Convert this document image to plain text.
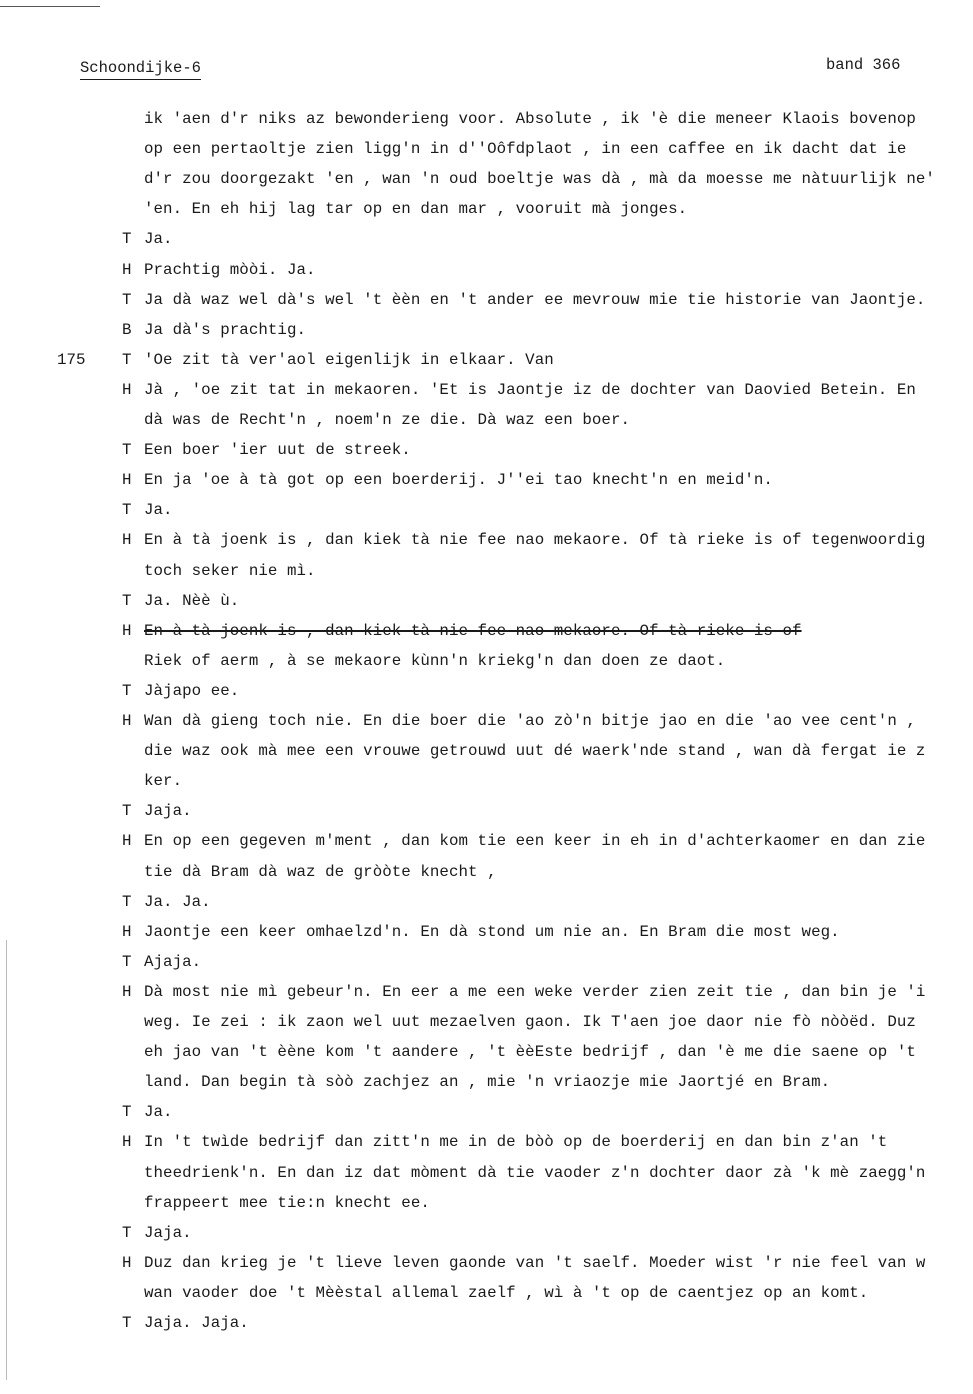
Schoondijke-6	band 366
ik 'aen d'r niks az bewonderieng voor. Absolute , ik 'è die meneer Klaois bovenop
op een pertaoltje zien ligg'n in d''Oôfdplaot , in een caffee en ik dacht dat ie
d'r zou doorgezakt 'en , wan 'n oud boeltje was dà , mà da moesse me nàtuurlijk ne'
'en. En eh hij lag tar op en dan mar , vooruit mà jonges.
T Ja.
H Prachtig mòòi. Ja.
T Ja dà waz wel dà's wel 't èèn en 't ander ee mevrouw mie tie historie van Jaontje.
B Ja dà's prachtig.
175	T 'Oe zit tà ver'aol eigenlijk in elkaar. Van
H Jà , 'oe zit tat in mekaoren. 'Et is Jaontje iz de dochter van Daovied Betein. En
dà was de Recht'n , noem'n ze die. Dà waz een boer.
T Een boer 'ier uut de streek.
H En ja 'oe à tà got op een boerderij. J''ei tao knecht'n en meid'n.
T Ja.
H En à tà joenk is , dan kiek tà nie fee nao mekaore. Of tà rieke is of tegenwoordig
toch seker nie mì.
T Ja. Nèè ù.
H En à tà joenk is , dan kiek tà nie fee nao mekaore. Of tà rieke is of
Riek of aerm , à se mekaore kùnn'n kriekg'n dan doen ze daot.
T Jàjapo ee.
H Wan dà gieng toch nie. En die boer die 'ao zò'n bitje jao en die 'ao vee cent'n ,
die waz ook mà mee een vrouwe getrouwd uut dé waerk'nde stand , wan dà fergat ie z
ker.
T Jaja.
H En op een gegeven m'ment , dan kom tie een keer in eh in d'achterkaomer en dan zie
tie dà Bram dà waz de gròòte knecht ,
T Ja. Ja.
H Jaontje een keer omhaelzd'n. En dà stond um nie an. En Bram die most weg.
T Ajaja.
H Dà most nie mì gebeur'n. En eer a me een weke verder zien zeit tie , dan bin je 'i
weg. Ie zei : ik zaon wel uut mezaelven gaon. Ik T'aen joe daor nie fò nòòëd. Duz
eh jao van 't èène kom 't aandere , 't èèEste bedrijf , dan 'è me die saene op 't
land. Dan begin tà sòò zachjez an , mie 'n vriaozje mie Jaortjé en Bram.
T Ja.
H In 't twìde bedrijf dan zitt'n me in de bòò op de boerderij en dan bin z'an 't
theedrienk'n. En dan iz dat mòment dà tie vaoder z'n dochter daor zà 'k mè zaegg'n
frappeert mee tie:n knecht ee.
T Jaja.
H Duz dan krieg je 't lieve leven gaonde van 't saelf. Moeder wist 'r nie feel van w
wan vaoder doe 't Mèèstal allemal zaelf , wì à 't op de caentjez op an komt.
T Jaja. Jaja.
